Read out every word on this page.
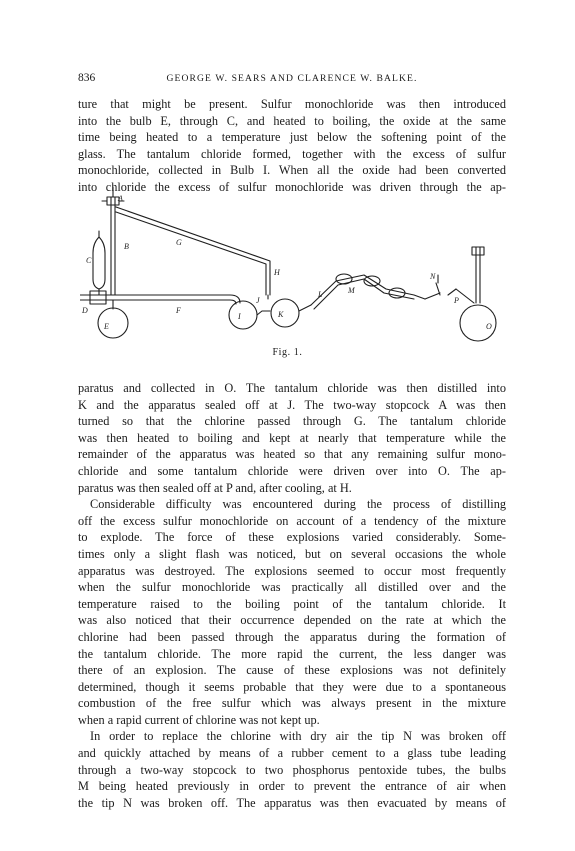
836	GEORGE W. SEARS AND CLARENCE W. BALKE.
ture that might be present. Sulfur monochloride was then introduced
into the bulb E, through C, and heated to boiling, the oxide at the same
time being heated to a temperature just below the softening point of the
glass. The tantalum chloride formed, together with the excess of sulfur
monochloride, collected in Bulb I. When all the oxide had been converted
into chloride the excess of sulfur monochloride was driven through the ap-
A
B
C
D
E
F
G
H
I
J
K
L	M
N
O
P
Fig. 1.
paratus and collected in O. The tantalum chloride was then distilled into
K and the apparatus sealed off at J. The two-way stopcock A was then
turned so that the chlorine passed through G. The tantalum chloride
was then heated to boiling and kept at nearly that temperature while the
remainder of the apparatus was heated so that any remaining sulfur mono-
chloride and some tantalum chloride were driven over into O. The ap-
paratus was then sealed off at P and, after cooling, at H.
Considerable difficulty was encountered during the process of distilling
off the excess sulfur monochloride on account of a tendency of the mixture
to explode. The force of these explosions varied considerably. Some-
times only a slight flash was noticed, but on several occasions the whole
apparatus was destroyed. The explosions seemed to occur most frequently
when the sulfur monochloride was practically all distilled over and the
temperature raised to the boiling point of the tantalum chloride. It
was also noticed that their occurrence depended on the rate at which the
chlorine had been passed through the apparatus during the formation of
the tantalum chloride. The more rapid the current, the less danger was
there of an explosion. The cause of these explosions was not definitely
determined, though it seems probable that they were due to a spontaneous
combustion of the free sulfur which was always present in the mixture
when a rapid current of chlorine was not kept up.
In order to replace the chlorine with dry air the tip N was broken off
and quickly attached by means of a rubber cement to a glass tube leading
through a two-way stopcock to two phosphorus pentoxide tubes, the bulbs
M being heated previously in order to prevent the entrance of air when
the tip N was broken off. The apparatus was then evacuated by means of
